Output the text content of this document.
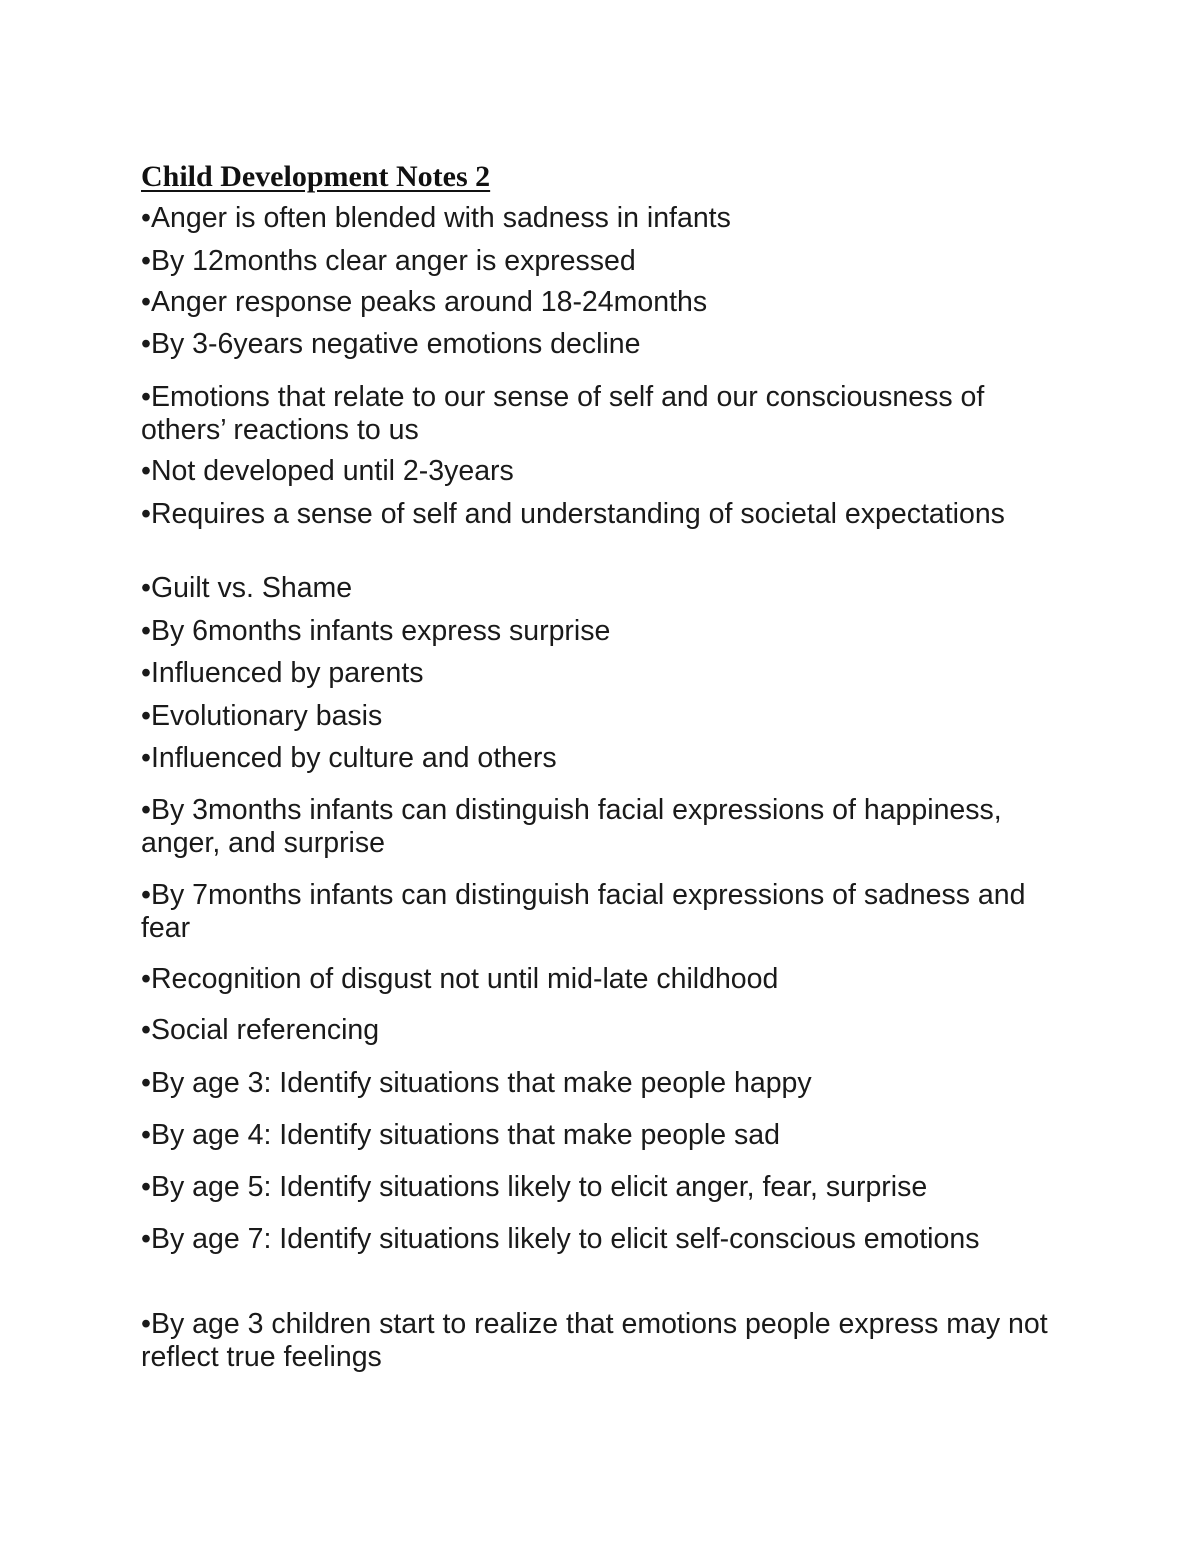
Child Development Notes 2

•Anger is often blended with sadness in infants

•By 12months clear anger is expressed

•Anger response peaks around 18-24months

•By 3-6years negative emotions decline

•Emotions that relate to our sense of self and our consciousness of others’ reactions to us

•Not developed until 2-3years

•Requires a sense of self and understanding of societal expectations

•Guilt vs. Shame

•By 6months infants express surprise

•Influenced by parents

•Evolutionary basis

•Influenced by culture and others

•By 3months infants can distinguish facial expressions of happiness, anger, and surprise

•By 7months infants can distinguish facial expressions of sadness and fear

•Recognition of disgust not until mid-late childhood

•Social referencing

•By age 3: Identify situations that make people happy

•By age 4: Identify situations that make people sad

•By age 5: Identify situations likely to elicit anger, fear, surprise

•By age 7: Identify situations likely to elicit self-conscious emotions

•By age 3 children start to realize that emotions people express may not reflect true feelings
